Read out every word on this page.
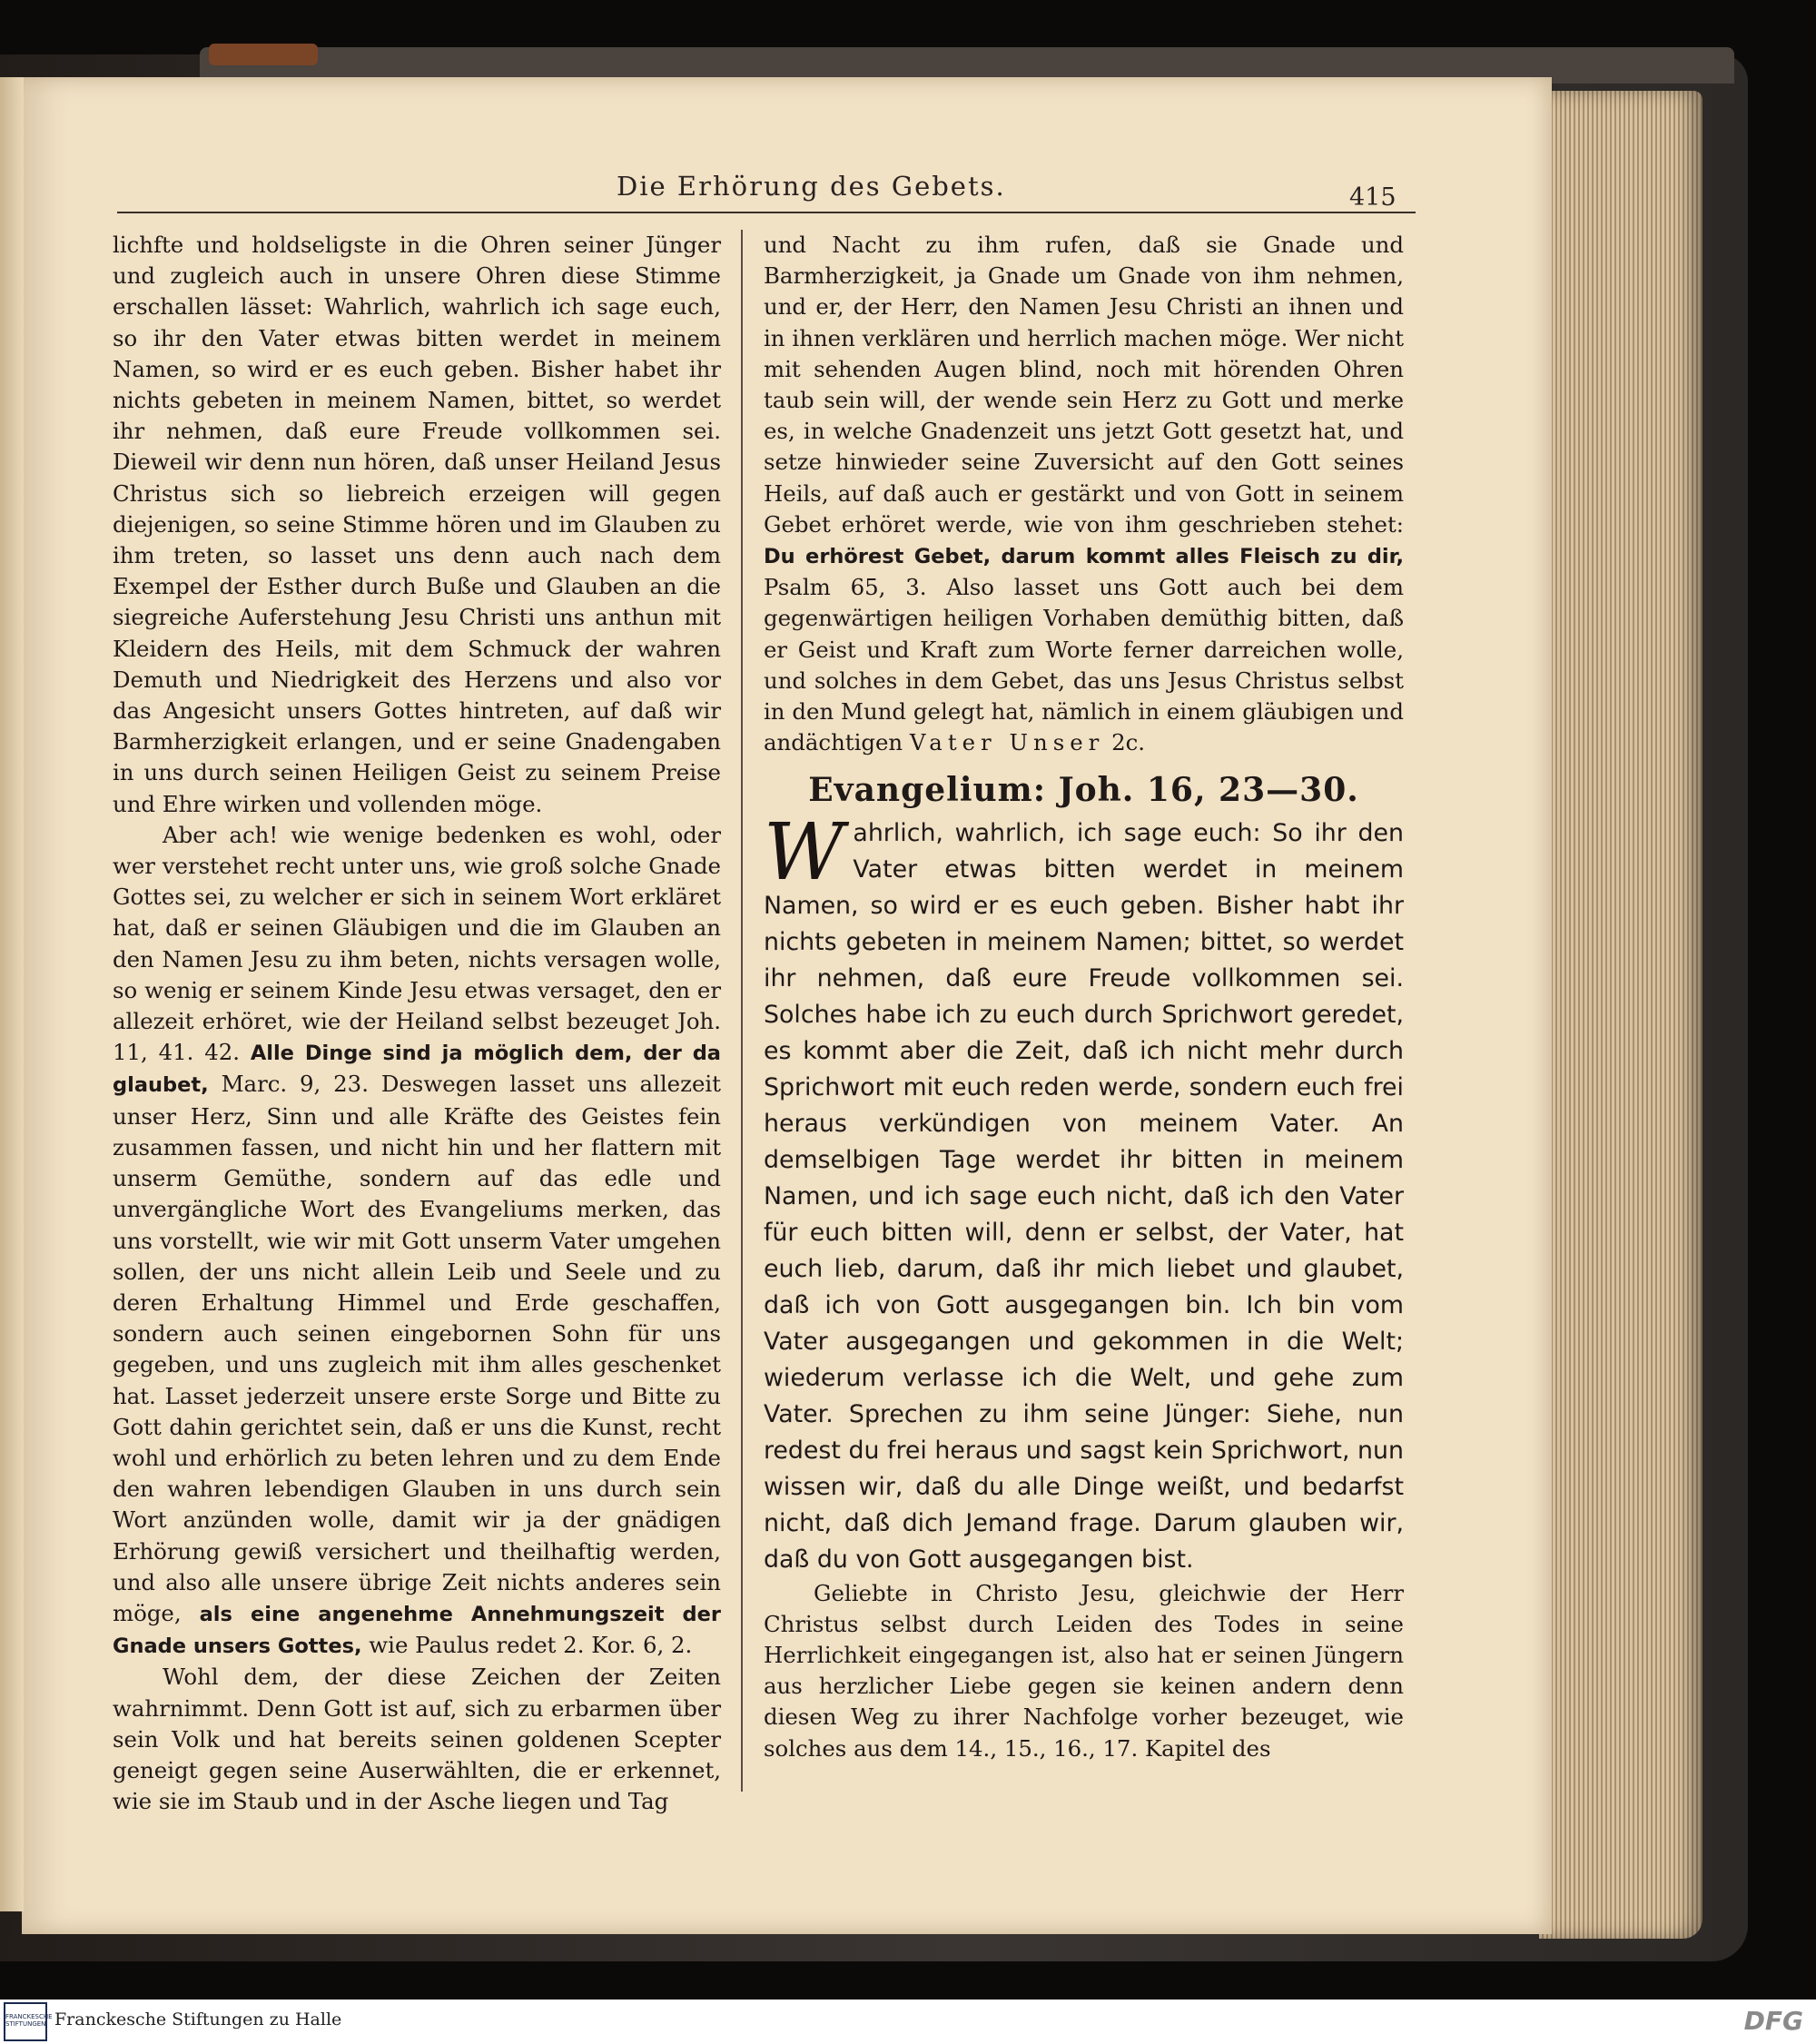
Die Erhörung des Gebets.	415

lichfte und holdseligste in die Ohren seiner Jünger und zugleich auch in unsere Ohren diese Stimme erschallen lässet: Wahrlich, wahrlich ich sage euch, so ihr den Vater etwas bitten werdet in meinem Namen, so wird er es euch geben. Bisher habet ihr nichts gebeten in meinem Namen, bittet, so werdet ihr nehmen, daß eure Freude vollkommen sei. Dieweil wir denn nun hören, daß unser Heiland Jesus Christus sich so liebreich erzeigen will gegen diejenigen, so seine Stimme hören und im Glauben zu ihm treten, so lasset uns denn auch nach dem Exempel der Esther durch Buße und Glauben an die siegreiche Auferstehung Jesu Christi uns anthun mit Kleidern des Heils, mit dem Schmuck der wahren Demuth und Niedrigkeit des Herzens und also vor das Angesicht unsers Gottes hintreten, auf daß wir Barmherzigkeit erlangen, und er seine Gnadengaben in uns durch seinen Heiligen Geist zu seinem Preise und Ehre wirken und vollenden möge.

Aber ach! wie wenige bedenken es wohl, oder wer verstehet recht unter uns, wie groß solche Gnade Gottes sei, zu welcher er sich in seinem Wort erkläret hat, daß er seinen Gläubigen und die im Glauben an den Namen Jesu zu ihm beten, nichts versagen wolle, so wenig er seinem Kinde Jesu etwas versaget, den er allezeit erhöret, wie der Heiland selbst bezeuget Joh. 11, 41. 42. Alle Dinge sind ja möglich dem, der da glaubet, Marc. 9, 23. Deswegen lasset uns allezeit unser Herz, Sinn und alle Kräfte des Geistes fein zusammen fassen, und nicht hin und her flattern mit unserm Gemüthe, sondern auf das edle und unvergängliche Wort des Evangeliums merken, das uns vorstellt, wie wir mit Gott unserm Vater umgehen sollen, der uns nicht allein Leib und Seele und zu deren Erhaltung Himmel und Erde geschaffen, sondern auch seinen eingebornen Sohn für uns gegeben, und uns zugleich mit ihm alles geschenket hat. Lasset jederzeit unsere erste Sorge und Bitte zu Gott dahin gerichtet sein, daß er uns die Kunst, recht wohl und erhörlich zu beten lehren und zu dem Ende den wahren lebendigen Glauben in uns durch sein Wort anzünden wolle, damit wir ja der gnädigen Erhörung gewiß versichert und theilhaftig werden, und also alle unsere übrige Zeit nichts anderes sein möge, als eine angenehme Annehmungszeit der Gnade unsers Gottes, wie Paulus redet 2. Kor. 6, 2.

Wohl dem, der diese Zeichen der Zeiten wahrnimmt. Denn Gott ist auf, sich zu erbarmen über sein Volk und hat bereits seinen goldenen Scepter geneigt gegen seine Auserwählten, die er erkennet, wie sie im Staub und in der Asche liegen und Tag

und Nacht zu ihm rufen, daß sie Gnade und Barmherzigkeit, ja Gnade um Gnade von ihm nehmen, und er, der Herr, den Namen Jesu Christi an ihnen und in ihnen verklären und herrlich machen möge. Wer nicht mit sehenden Augen blind, noch mit hörenden Ohren taub sein will, der wende sein Herz zu Gott und merke es, in welche Gnadenzeit uns jetzt Gott gesetzt hat, und setze hinwieder seine Zuversicht auf den Gott seines Heils, auf daß auch er gestärkt und von Gott in seinem Gebet erhöret werde, wie von ihm geschrieben stehet: Du erhörest Gebet, darum kommt alles Fleisch zu dir, Psalm 65, 3. Also lasset uns Gott auch bei dem gegenwärtigen heiligen Vorhaben demüthig bitten, daß er Geist und Kraft zum Worte ferner darreichen wolle, und solches in dem Gebet, das uns Jesus Christus selbst in den Mund gelegt hat, nämlich in einem gläubigen und andächtigen Vater Unser 2c.

Evangelium: Joh. 16, 23—30.

Wahrlich, wahrlich, ich sage euch: So ihr den Vater etwas bitten werdet in meinem Namen, so wird er es euch geben. Bisher habt ihr nichts gebeten in meinem Namen; bittet, so werdet ihr nehmen, daß eure Freude vollkommen sei. Solches habe ich zu euch durch Sprichwort geredet, es kommt aber die Zeit, daß ich nicht mehr durch Sprichwort mit euch reden werde, sondern euch frei heraus verkündigen von meinem Vater. An demselbigen Tage werdet ihr bitten in meinem Namen, und ich sage euch nicht, daß ich den Vater für euch bitten will, denn er selbst, der Vater, hat euch lieb, darum, daß ihr mich liebet und glaubet, daß ich von Gott ausgegangen bin. Ich bin vom Vater ausgegangen und gekommen in die Welt; wiederum verlasse ich die Welt, und gehe zum Vater. Sprechen zu ihm seine Jünger: Siehe, nun redest du frei heraus und sagst kein Sprichwort, nun wissen wir, daß du alle Dinge weißt, und bedarfst nicht, daß dich Jemand frage. Darum glauben wir, daß du von Gott ausgegangen bist.

Geliebte in Christo Jesu, gleichwie der Herr Christus selbst durch Leiden des Todes in seine Herrlichkeit eingegangen ist, also hat er seinen Jüngern aus herzlicher Liebe gegen sie keinen andern denn diesen Weg zu ihrer Nachfolge vorher bezeuget, wie solches aus dem 14., 15., 16., 17. Kapitel des

FRANCKESCHE
STIFTUNGEN Franckesche Stiftungen zu Halle	DFG
